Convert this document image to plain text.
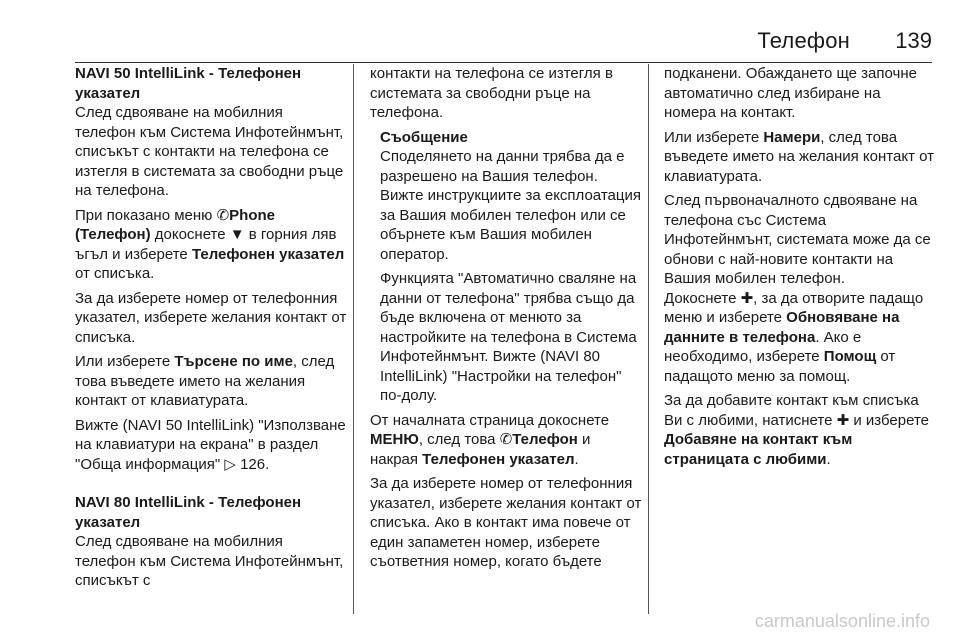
Телефон 139

NAVI 50 IntelliLink - Телефонен указател

След сдвояване на мобилния телефон към Система Инфотейнмънт, списъкът с контакти на телефона се изтегля в системата за свободни ръце на телефона.

При показано меню ✆Phone (Телефон) докоснете ▼ в горния ляв ъгъл и изберете Телефонен указател от списъка.

За да изберете номер от телефонния указател, изберете желания контакт от списъка.

Или изберете Търсене по име, след това въведете името на желания контакт от клавиатурата.

Вижте (NAVI 50 IntelliLink) "Използване на клавиатури на екрана" в раздел "Обща информация" ▷ 126.

NAVI 80 IntelliLink - Телефонен указател

След сдвояване на мобилния телефон към Система Инфотейнмънт, списъкът с

контакти на телефона се изтегля в системата за свободни ръце на телефона.

Съобщение

Споделянето на данни трябва да е разрешено на Вашия телефон. Вижте инструкциите за експлоатация за Вашия мобилен телефон или се обърнете към Вашия мобилен оператор.

Функцията "Автоматично сваляне на данни от телефона" трябва също да бъде включена от менюто за настройките на телефона в Система Инфотейнмънт. Вижте (NAVI 80 IntelliLink) "Настройки на телефон" по-долу.

От началната страница докоснете МЕНЮ, след това ✆Телефон и накрая Телефонен указател.

За да изберете номер от телефонния указател, изберете желания контакт от списъка. Ако в контакт има повече от един запаметен номер, изберете съответния номер, когато бъдете

подканени. Обаждането ще започне автоматично след избиране на номера на контакт.

Или изберете Намери, след това въведете името на желания контакт от клавиатурата.

След първоначалното сдвояване на телефона със Система Инфотейнмънт, системата може да се обнови с най-новите контакти на Вашия мобилен телефон.

Докоснете ✚, за да отворите падащо меню и изберете Обновяване на данните в телефона. Ако е необходимо, изберете Помощ от падащото меню за помощ.

За да добавите контакт към списъка Ви с любими, натиснете ✚ и изберете Добавяне на контакт към страницата с любими.

carmanualsonline.info
